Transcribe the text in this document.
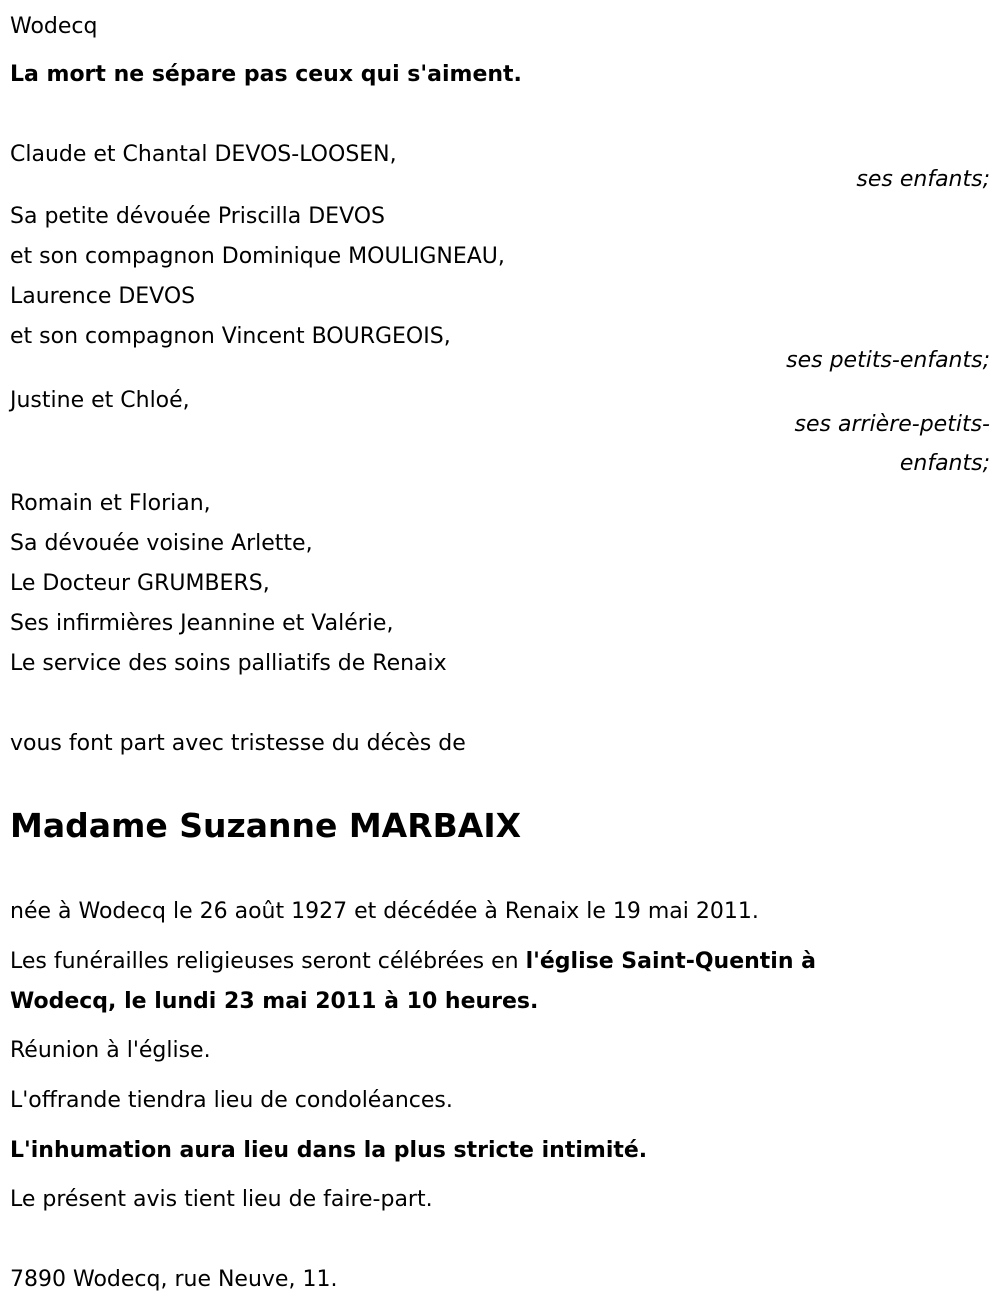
Wodecq
La mort ne sépare pas ceux qui s'aiment.
Claude et Chantal DEVOS-LOOSEN,
ses enfants;
Sa petite dévouée Priscilla DEVOS
et son compagnon Dominique MOULIGNEAU,
Laurence DEVOS
et son compagnon Vincent BOURGEOIS,
ses petits-enfants;
Justine et Chloé,
ses arrière-petits-
enfants;
Romain et Florian,
Sa dévouée voisine Arlette,
Le Docteur GRUMBERS,
Ses infirmières Jeannine et Valérie,
Le service des soins palliatifs de Renaix
vous font part avec tristesse du décès de
Madame Suzanne MARBAIX
née à Wodecq le 26 août 1927 et décédée à Renaix le 19 mai 2011.
Les funérailles religieuses seront célébrées en l'église Saint-Quentin à
Wodecq, le lundi 23 mai 2011 à 10 heures.
Réunion à l'église.
L'offrande tiendra lieu de condoléances.
L'inhumation aura lieu dans la plus stricte intimité.
Le présent avis tient lieu de faire-part.
7890 Wodecq, rue Neuve, 11.
